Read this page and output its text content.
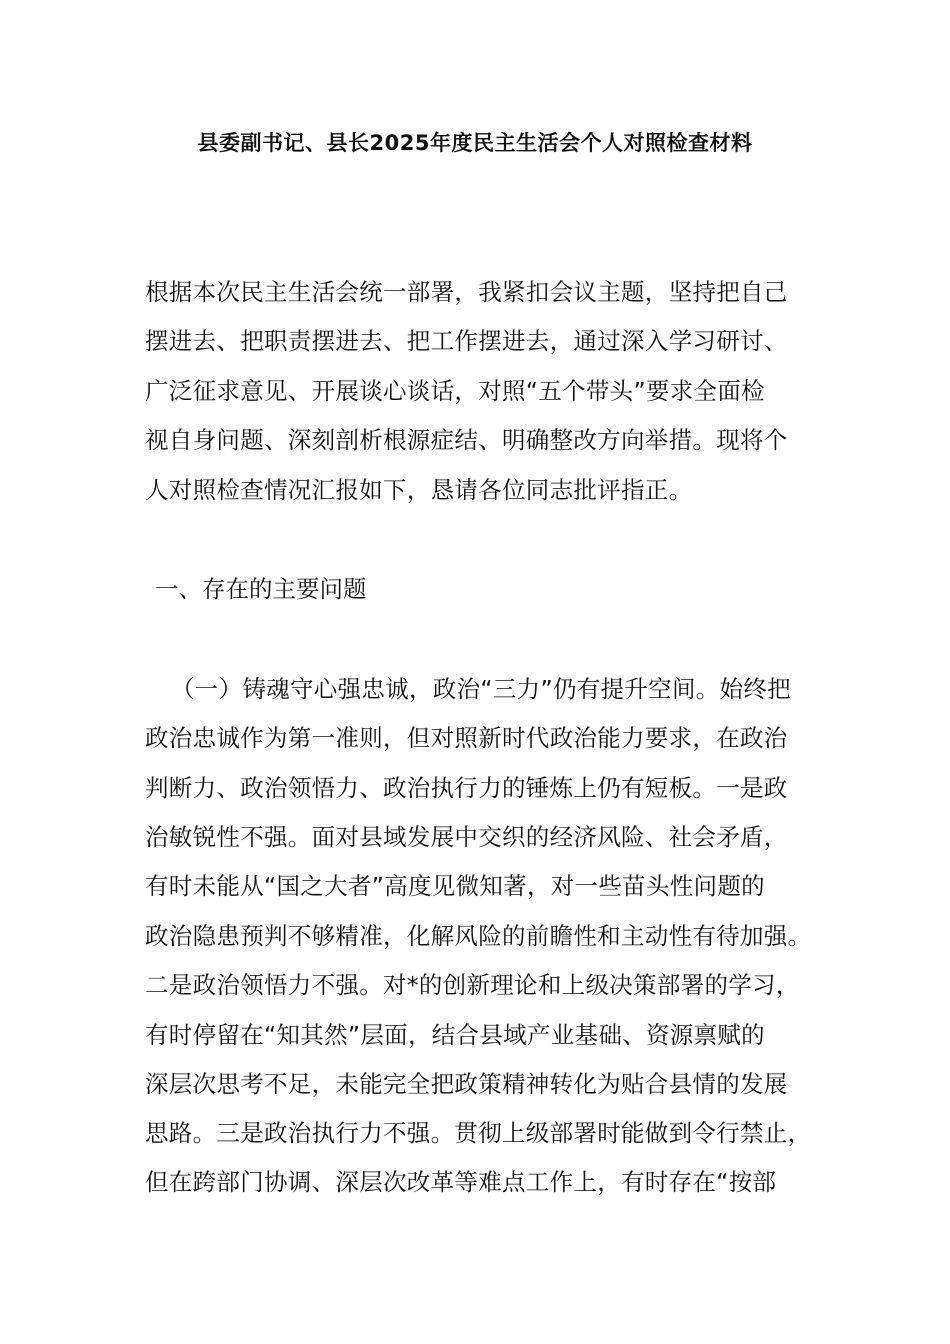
县委副书记、县长2025年度民主生活会个人对照检查材料
根据本次民主生活会统一部署，我紧扣会议主题，坚持把自己
摆进去、把职责摆进去、把工作摆进去，通过深入学习研讨、
广泛征求意见、开展谈心谈话，对照“五个带头”要求全面检
视自身问题、深刻剖析根源症结、明确整改方向举措。现将个
人对照检查情况汇报如下，恳请各位同志批评指正。
一、存在的主要问题
（一）铸魂守心强忠诚，政治“三力”仍有提升空间。始终把
政治忠诚作为第一准则，但对照新时代政治能力要求，在政治
判断力、政治领悟力、政治执行力的锤炼上仍有短板。一是政
治敏锐性不强。面对县域发展中交织的经济风险、社会矛盾，
有时未能从“国之大者”高度见微知著，对一些苗头性问题的
政治隐患预判不够精准，化解风险的前瞻性和主动性有待加强。
二是政治领悟力不强。对*的创新理论和上级决策部署的学习，
有时停留在“知其然”层面，结合县域产业基础、资源禀赋的
深层次思考不足，未能完全把政策精神转化为贴合县情的发展
思路。三是政治执行力不强。贯彻上级部署时能做到令行禁止，
但在跨部门协调、深层次改革等难点工作上，有时存在“按部
